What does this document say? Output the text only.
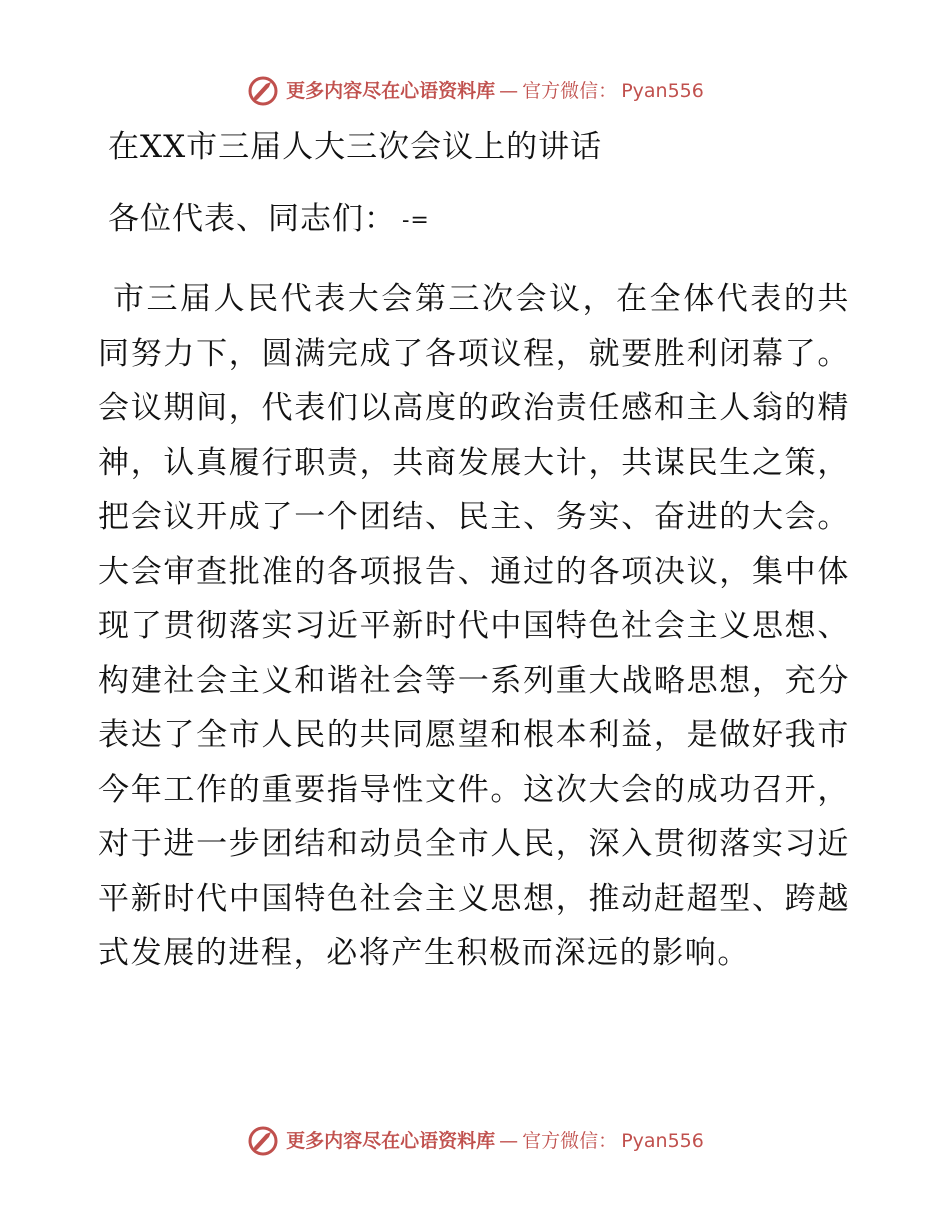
更多内容尽在心语资料库 — 官方微信： Pyan556
在XX市三届人大三次会议上的讲话

各位代表、同志们： -=

市三届人民代表大会第三次会议，在全体代表的共同努力下，圆满完成了各项议程，就要胜利闭幕了。会议期间，代表们以高度的政治责任感和主人翁的精神，认真履行职责，共商发展大计，共谋民生之策，把会议开成了一个团结、民主、务实、奋进的大会。大会审查批准的各项报告、通过的各项决议，集中体现了贯彻落实习近平新时代中国特色社会主义思想、构建社会主义和谐社会等一系列重大战略思想，充分表达了全市人民的共同愿望和根本利益，是做好我市今年工作的重要指导性文件。这次大会的成功召开，对于进一步团结和动员全市人民，深入贯彻落实习近平新时代中国特色社会主义思想，推动赶超型、跨越式发展的进程，必将产生积极而深远的影响。

更多内容尽在心语资料库 — 官方微信： Pyan556
